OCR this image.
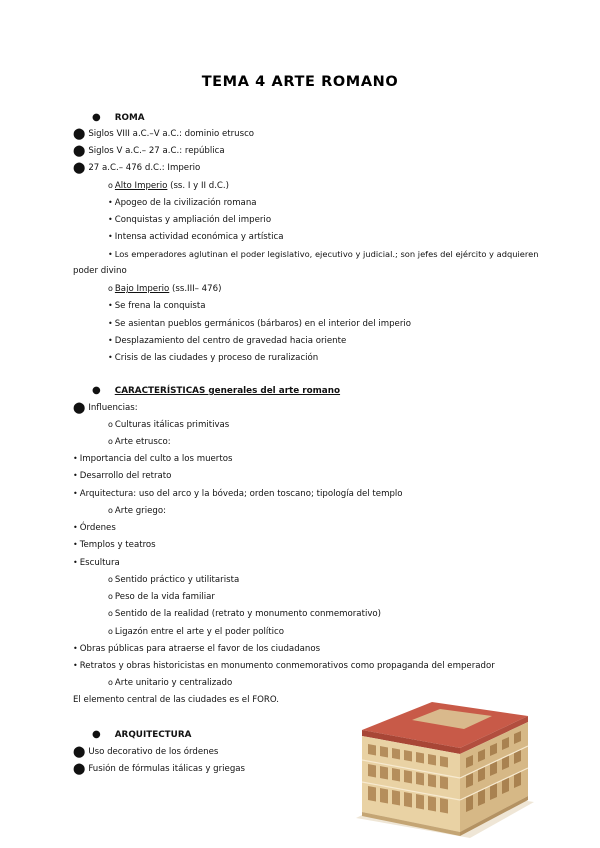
TEMA 4 ARTE ROMANO
● ROMA
⬤ Siglos VIII a.C.–V a.C.: dominio etrusco
⬤ Siglos V a.C.– 27 a.C.: república
⬤ 27 a.C.– 476 d.C.: Imperio
o Alto Imperio (ss. I y II d.C.)
• Apogeo de la civilización romana
• Conquistas y ampliación del imperio
• Intensa actividad económica y artística
• Los emperadores aglutinan el poder legislativo, ejecutivo y judicial.; son jefes del ejército y adquieren
poder divino
o Bajo Imperio (ss.III– 476)
• Se frena la conquista
• Se asientan pueblos germánicos (bárbaros) en el interior del imperio
• Desplazamiento del centro de gravedad hacia oriente
• Crisis de las ciudades y proceso de ruralización
● CARACTERÍSTICAS generales del arte romano
⬤ Influencias:
o Culturas itálicas primitivas
o Arte etrusco:
• Importancia del culto a los muertos
• Desarrollo del retrato
• Arquitectura: uso del arco y la bóveda; orden toscano; tipología del templo
o Arte griego:
• Órdenes
• Templos y teatros
• Escultura
o Sentido práctico y utilitarista
o Peso de la vida familiar
o Sentido de la realidad (retrato y monumento conmemorativo)
o Ligazón entre el arte y el poder político
• Obras públicas para atraerse el favor de los ciudadanos
• Retratos y obras historicistas en monumento conmemorativos como propaganda del emperador
o Arte unitario y centralizado
El elemento central de las ciudades es el FORO.
● ARQUITECTURA
⬤ Uso decorativo de los órdenes
⬤ Fusión de fórmulas itálicas y griegas
